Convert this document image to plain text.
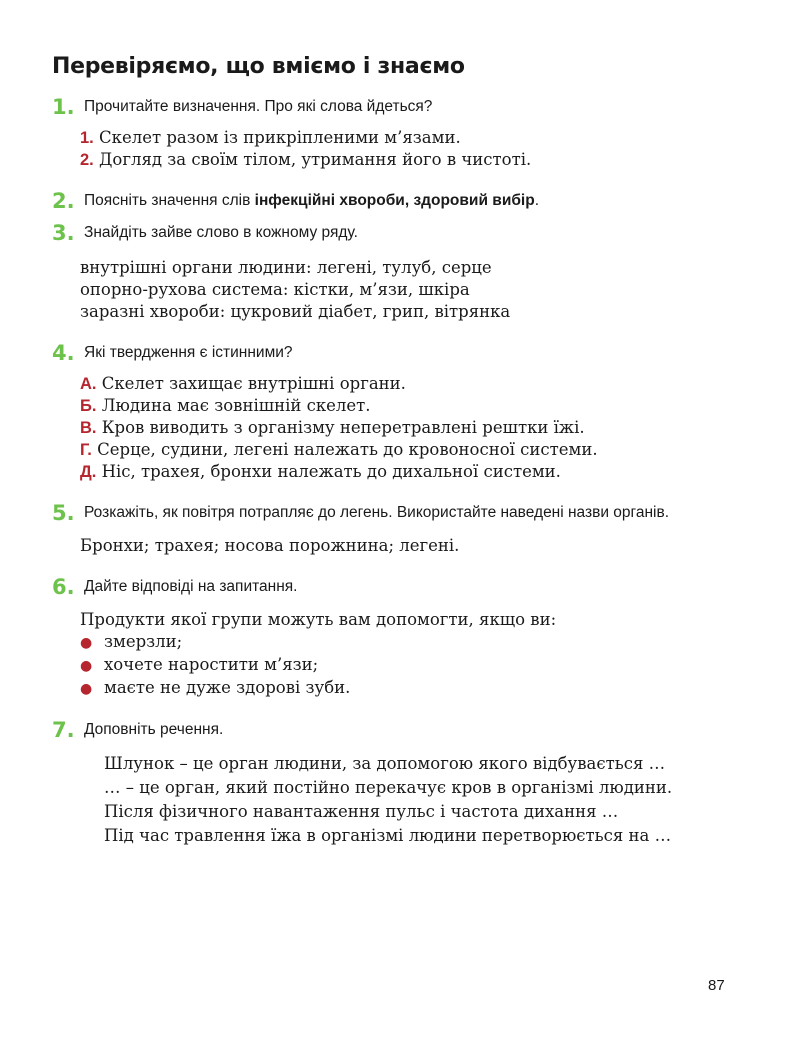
Перевіряємо, що вміємо і знаємо
1. Прочитайте визначення. Про які слова йдеться?
1. Скелет разом із прикріпленими м’язами.
2. Догляд за своїм тілом, утримання його в чистоті.
2. Поясніть значення слів інфекційні хвороби, здоровий вибір.
3. Знайдіть зайве слово в кожному ряду.
внутрішні органи людини: легені, тулуб, серце
опорно-рухова система: кістки, м’язи, шкіра
заразні хвороби: цукровий діабет, грип, вітрянка
4. Які твердження є істинними?
А. Скелет захищає внутрішні органи.
Б. Людина має зовнішній скелет.
В. Кров виводить з організму неперетравлені рештки їжі.
Г. Серце, судини, легені належать до кровоносної системи.
Д. Ніс, трахея, бронхи належать до дихальної системи.
5. Розкажіть, як повітря потрапляє до легень. Використайте наведені назви органів.
Бронхи; трахея; носова порожнина; легені.
6. Дайте відповіді на запитання.
Продукти якої групи можуть вам допомогти, якщо ви:
● змерзли;
● хочете наростити м’язи;
● маєте не дуже здорові зуби.
7. Доповніть речення.
Шлунок – це орган людини, за допомогою якого відбувається …
… – це орган, який постійно перекачує кров в організмі людини.
Після фізичного навантаження пульс і частота дихання …
Під час травлення їжа в організмі людини перетворюється на …
87
